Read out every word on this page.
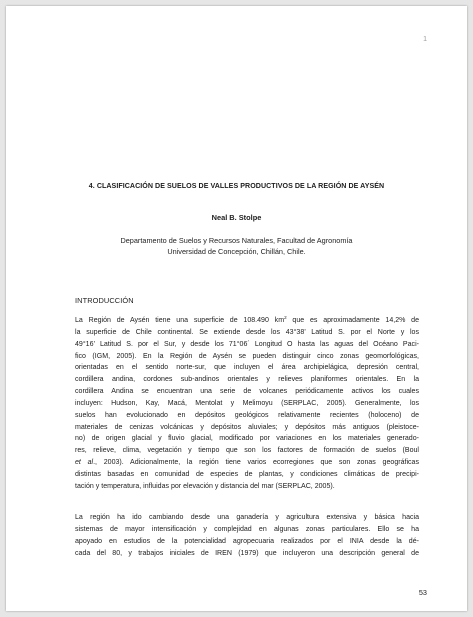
1
4. CLASIFICACIÓN DE SUELOS DE VALLES PRODUCTIVOS DE LA REGIÓN DE AYSÉN
Neal B. Stolpe
Departamento de Suelos y Recursos Naturales, Facultad de Agronomía
Universidad de Concepción, Chillán, Chile.
INTRODUCCIÓN
La Región de Aysén tiene una superficie de 108.490 $km^2$ que es aproximadamente 14,2% de
la superficie de Chile continental. Se extiende desde los 43°38’ Latitud S. por el Norte y los
49°16’ Latitud S. por el Sur, y desde los 71°06´ Longitud O hasta las aguas del Océano Paci-
fico (IGM, 2005). En la Región de Aysén se pueden distinguir cinco zonas geomorfológicas,
orientadas en el sentido norte-sur, que incluyen el área archipielágica, depresión central,
cordillera andina, cordones sub-andinos orientales y relieves planiformes orientales. En la
cordillera Andina se encuentran una serie de volcanes periódicamente activos los cuales
incluyen: Hudson, Kay, Macá, Mentolat y Melimoyu (SERPLAC, 2005). Generalmente, los
suelos han evolucionado en depósitos geológicos relativamente recientes (holoceno) de
materiales de cenizas volcánicas y depósitos aluviales; y depósitos más antiguos (pleistoce-
no) de origen glacial y fluvio glacial, modificado por variaciones en los materiales generado-
res, relieve, clima, vegetación y tiempo que son los factores de formación de suelos (Boul
et al., 2003). Adicionalmente, la región tiene varios ecorregiones que son zonas geográficas
distintas basadas en comunidad de especies de plantas, y condiciones climáticas de precipi-
tación y temperatura, influidas por elevación y distancia del mar (SERPLAC, 2005).
La región ha ido cambiando desde una ganadería y agricultura extensiva y básica hacia
sistemas de mayor intensificación y complejidad en algunas zonas particulares. Ello se ha
apoyado en estudios de la potencialidad agropecuaria realizados por el INIA desde la dé-
cada del 80, y trabajos iniciales de IREN (1979) que incluyeron una descripción general de
53
